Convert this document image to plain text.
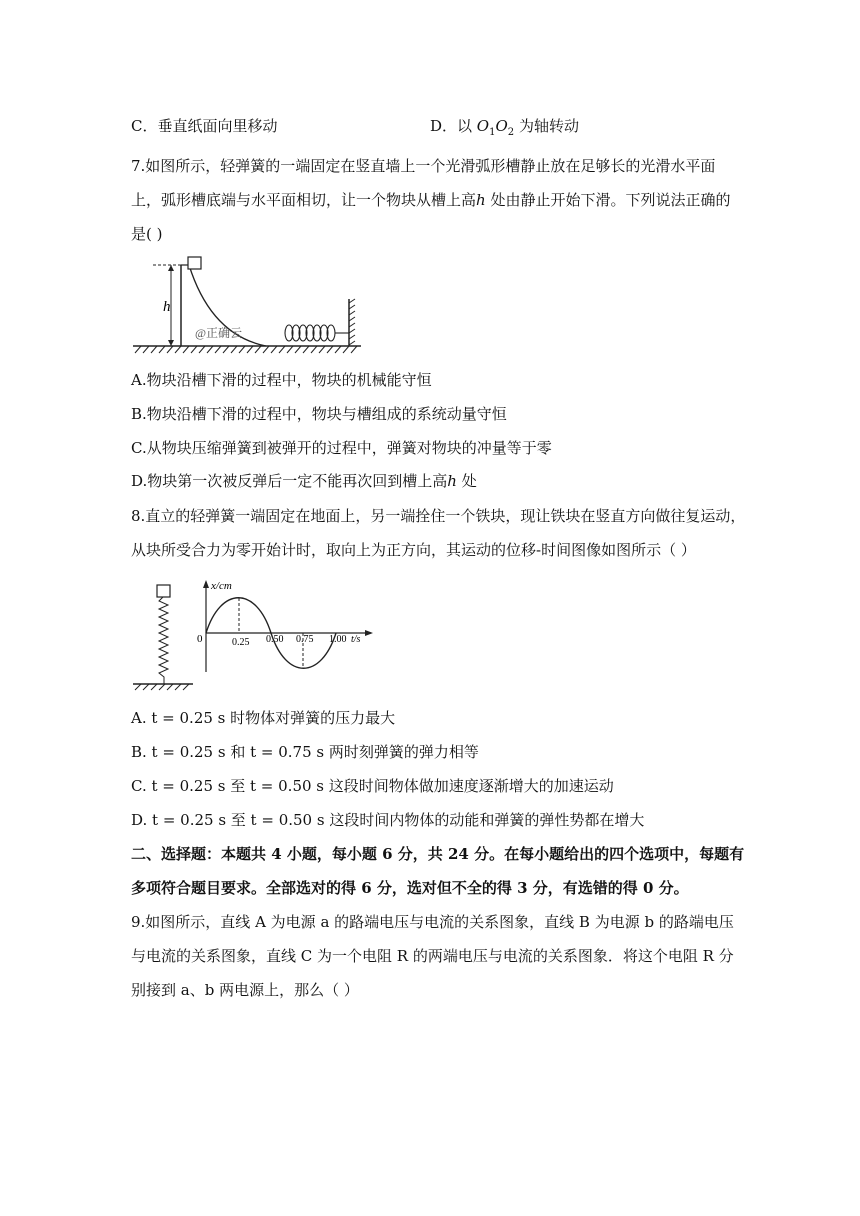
C．垂直纸面向里移动	D．以 $O_1O_2$ 为轴转动
7.如图所示，轻弹簧的一端固定在竖直墙上一个光滑弧形槽静止放在足够长的光滑水平面
上，弧形槽底端与水平面相切，让一个物块从槽上高h 处由静止开始下滑。下列说法正确的
是( )
h
@正确云
A.物块沿槽下滑的过程中，物块的机械能守恒
B.物块沿槽下滑的过程中，物块与槽组成的系统动量守恒
C.从物块压缩弹簧到被弹开的过程中，弹簧对物块的冲量等于零
D.物块第一次被反弹后一定不能再次回到槽上高h 处
8.直立的轻弹簧一端固定在地面上，另一端拴住一个铁块，现让铁块在竖直方向做往复运动，
从块所受合力为零开始计时，取向上为正方向，其运动的位移-时间图像如图所示（ ）
x/cm
0	0.25 0.50 0.75 1.00 t/s
A. t = 0.25 s 时物体对弹簧的压力最大
B. t = 0.25 s 和 t = 0.75 s 两时刻弹簧的弹力相等
C. t = 0.25 s 至 t = 0.50 s 这段时间物体做加速度逐渐增大的加速运动
D. t = 0.25 s 至 t = 0.50 s 这段时间内物体的动能和弹簧的弹性势都在增大
二、选择题：本题共 4 小题，每小题 6 分，共 24 分。在每小题给出的四个选项中，每题有
多项符合题目要求。全部选对的得 6 分，选对但不全的得 3 分，有选错的得 0 分。
9.如图所示，直线 A 为电源 a 的路端电压与电流的关系图象，直线 B 为电源 b 的路端电压
与电流的关系图象，直线 C 为一个电阻 R 的两端电压与电流的关系图象．将这个电阻 R 分
别接到 a、b 两电源上，那么（ ）
